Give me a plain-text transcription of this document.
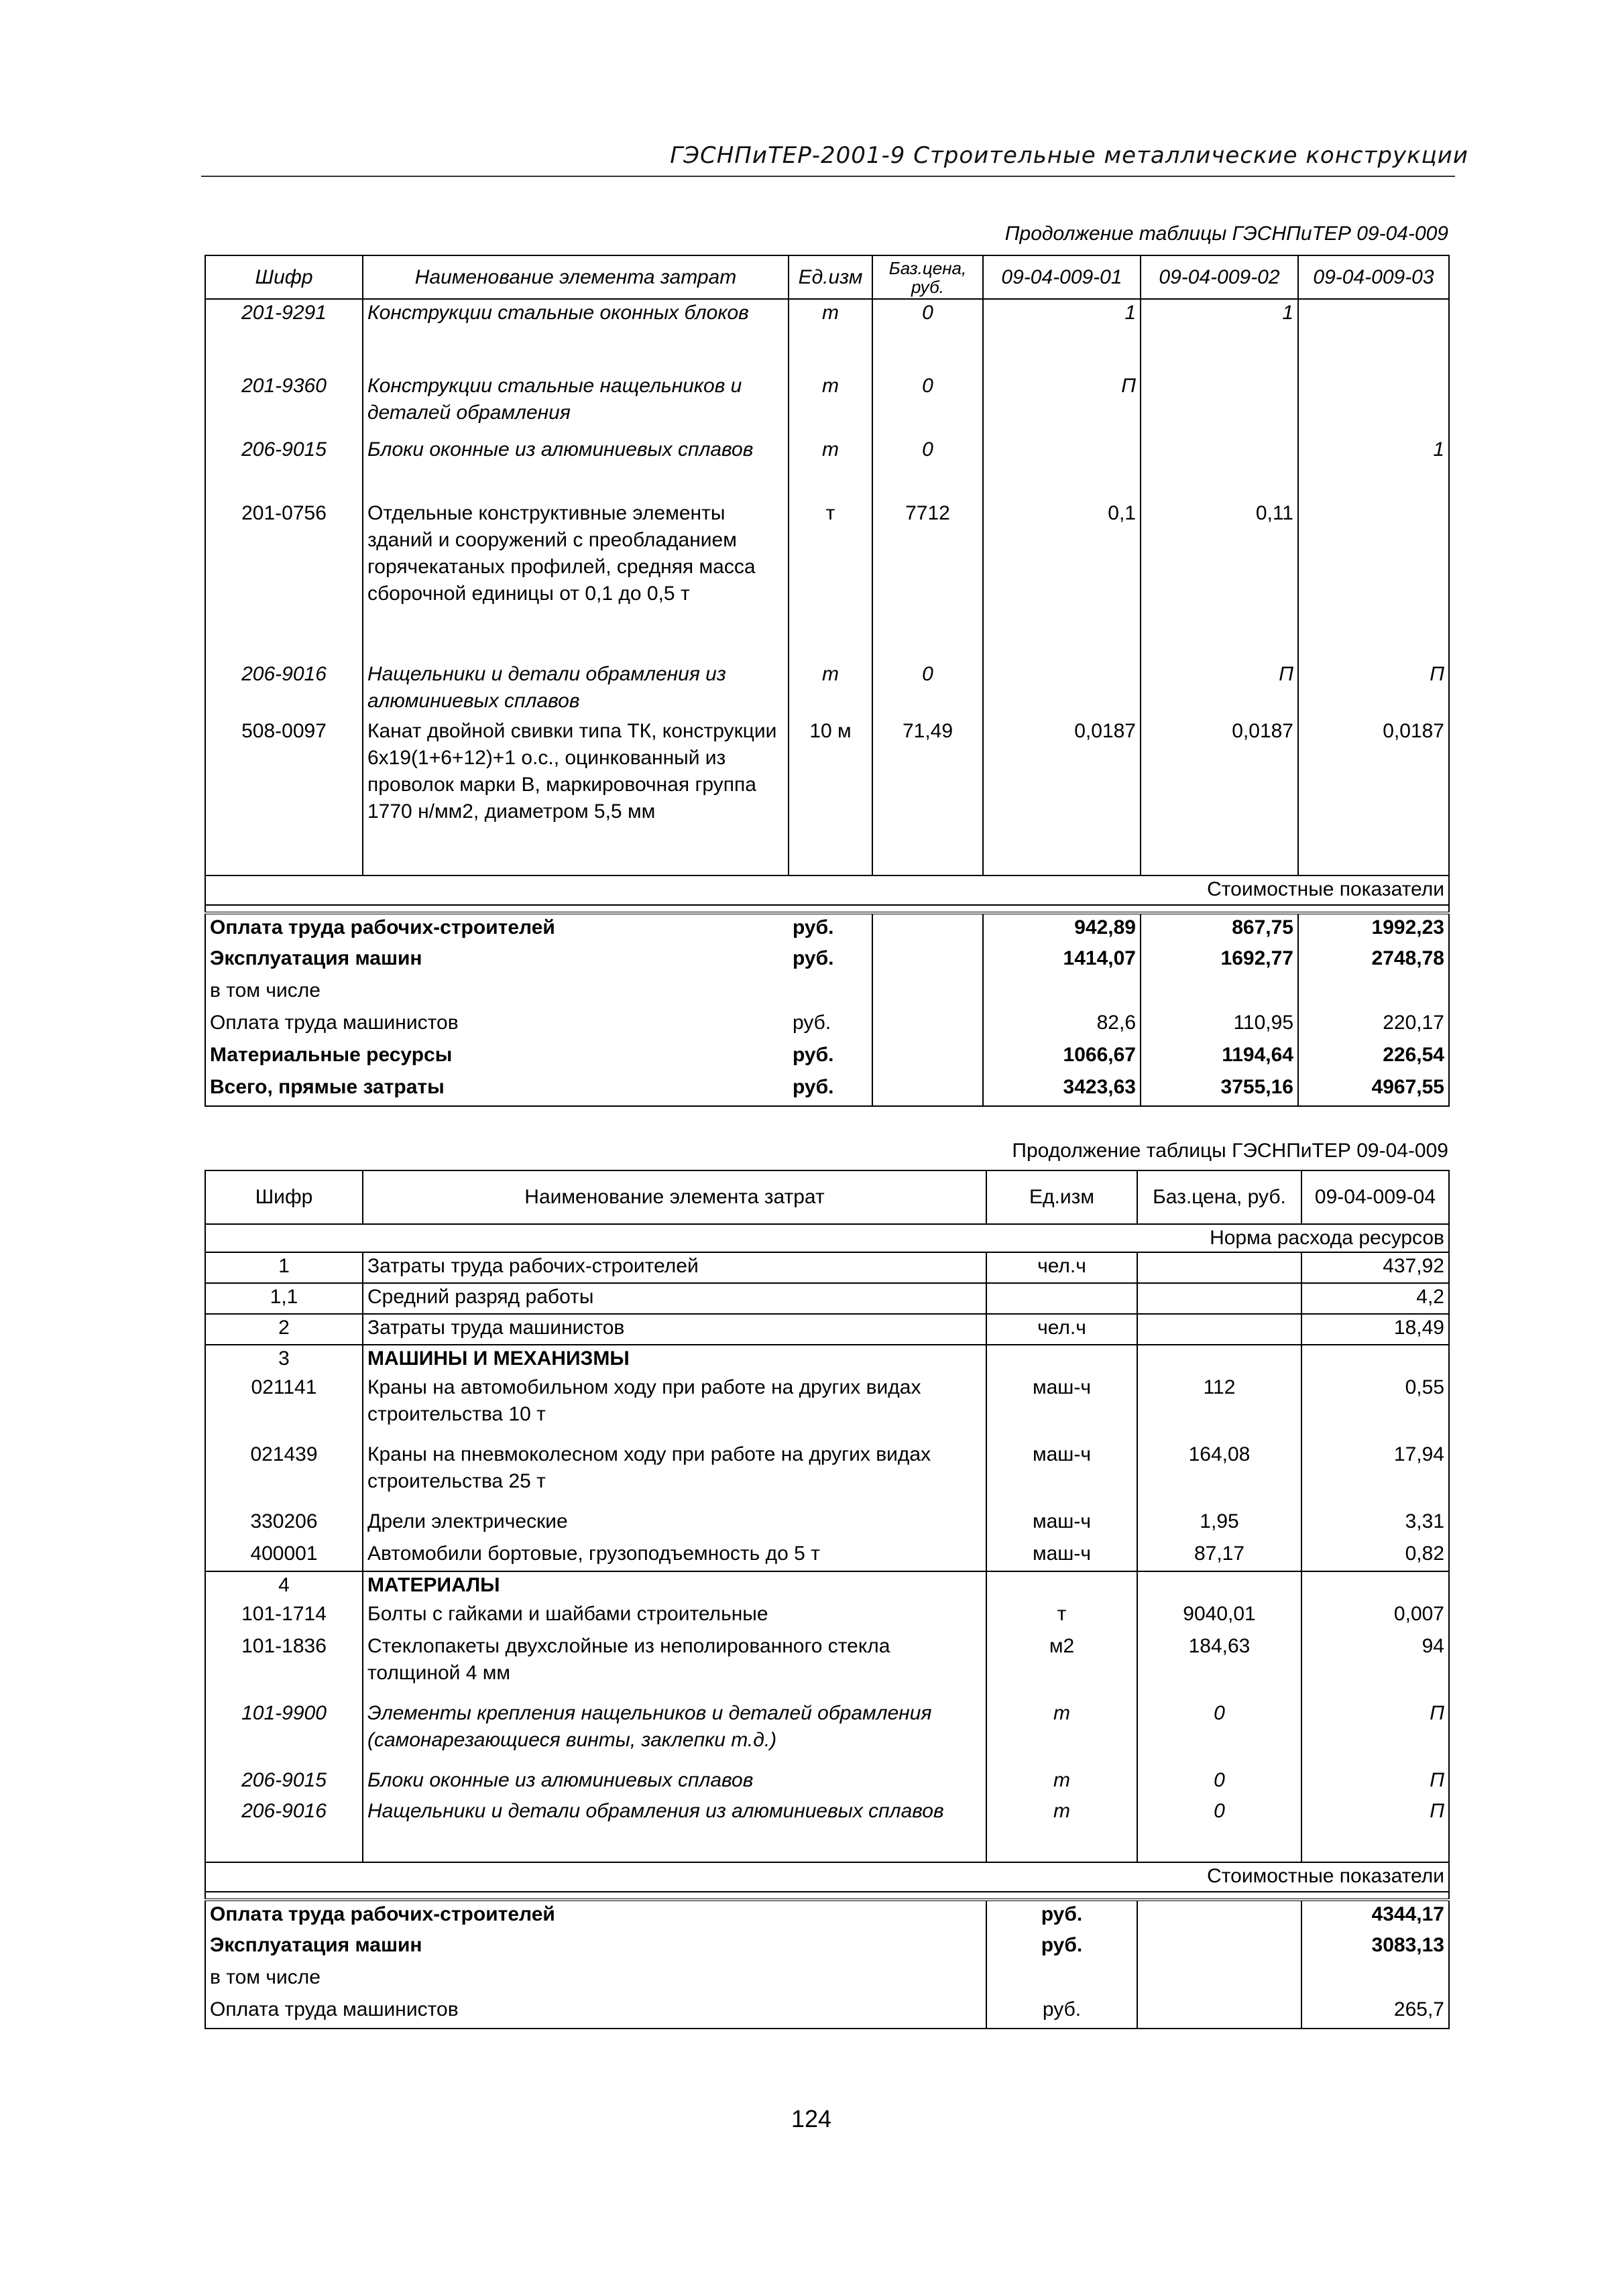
ГЭСНПиТЕР-2001-9 Строительные металлические конструкции
Продолжение таблицы ГЭСНПиТЕР 09-04-009
Шифр	Наименование элемента затрат	Ед.изм	Баз.цена, руб.	09-04-009-01	09-04-009-02	09-04-009-03
201-9291	Конструкции стальные оконных блоков	т	0	1	1	
201-9360	Конструкции стальные нащельников и деталей обрамления	т	0	П		
206-9015	Блоки оконные из алюминиевых сплавов	т	0			1
201-0756	Отдельные конструктивные элементы зданий и сооружений с преобладанием горячекатаных профилей, средняя масса сборочной единицы от 0,1 до 0,5 т	т	7712	0,1	0,11	
206-9016	Нащельники и детали обрамления из алюминиевых сплавов	т	0		П	П
508-0097	Канат двойной свивки типа ТК, конструкции 6х19(1+6+12)+1 о.с., оцинкованный из проволок марки В, маркировочная группа 1770 н/мм2, диаметром 5,5 мм	10 м	71,49	0,0187	0,0187	0,0187
Стоимостные показатели						

Оплата труда рабочих-строителей		руб.		942,89	867,75	1992,23
Эксплуатация машин		руб.		1414,07	1692,77	2748,78
в том числе						
Оплата труда машинистов		руб.		82,6	110,95	220,17
Материальные ресурсы		руб.		1066,67	1194,64	226,54
Всего, прямые затраты		руб.		3423,63	3755,16	4967,55
Продолжение таблицы ГЭСНПиТЕР 09-04-009
Шифр	Наименование элемента затрат	Ед.изм	Баз.цена, руб.	09-04-009-04
Норма расхода ресурсов				
1	Затраты труда рабочих-строителей	чел.ч		437,92
1,1	Средний разряд работы			4,2
2	Затраты труда машинистов	чел.ч		18,49
3	МАШИНЫ И МЕХАНИЗМЫ			
021141	Краны на автомобильном ходу при работе на других видах строительства 10 т	маш-ч	112	0,55
021439	Краны на пневмоколесном ходу при работе на других видах строительства 25 т	маш-ч	164,08	17,94
330206	Дрели электрические	маш-ч	1,95	3,31
400001	Автомобили бортовые, грузоподъемность до 5 т	маш-ч	87,17	0,82
4	МАТЕРИАЛЫ			
101-1714	Болты с гайками и шайбами строительные	т	9040,01	0,007
101-1836	Стеклопакеты двухслойные из неполированного стекла толщиной 4 мм	м2	184,63	94
101-9900	Элементы крепления нащельников и деталей обрамления (самонарезающиеся винты, заклепки т.д.)	т	0	П
206-9015	Блоки оконные из алюминиевых сплавов	т	0	П
206-9016	Нащельники и детали обрамления из алюминиевых сплавов	т	0	П
Стоимостные показатели				

Оплата труда рабочих-строителей		руб.		4344,17
Эксплуатация машин		руб.		3083,13
в том числе				
Оплата труда машинистов		руб.		265,7
124
